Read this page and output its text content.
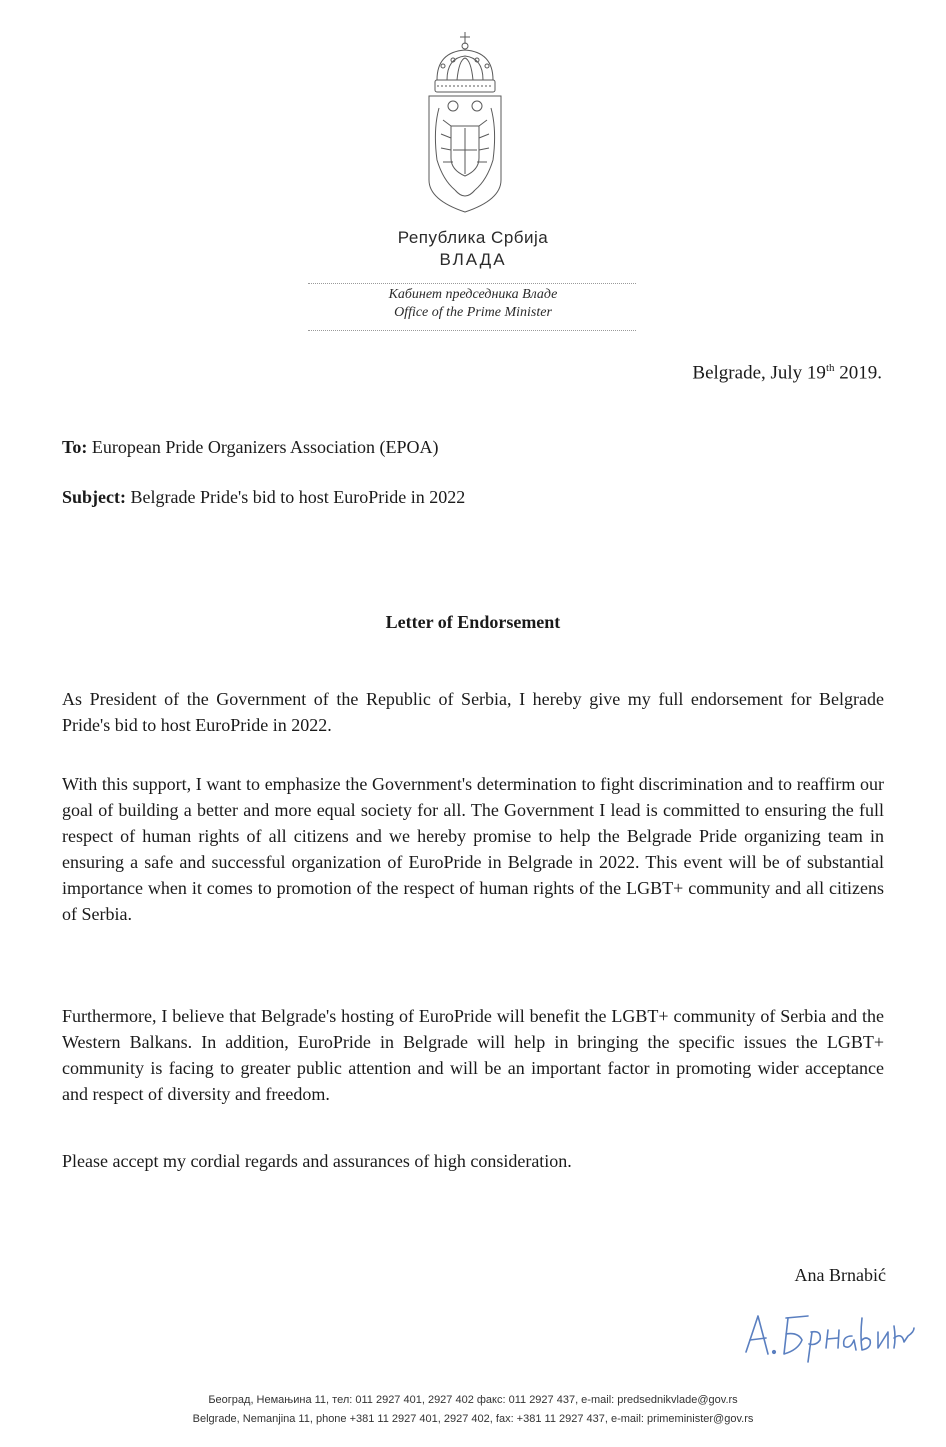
Република Србија
ВЛАДА
Кабинет председника Владе
Office of the Prime Minister
Belgrade, July 19th 2019.
To: European Pride Organizers Association (EPOA)
Subject: Belgrade Pride's bid to host EuroPride in 2022
Letter of Endorsement

As President of the Government of the Republic of Serbia, I hereby give my full endorsement for Belgrade Pride's bid to host EuroPride in 2022.

With this support, I want to emphasize the Government's determination to fight discrimination and to reaffirm our goal of building a better and more equal society for all. The Government I lead is committed to ensuring the full respect of human rights of all citizens and we hereby promise to help the Belgrade Pride organizing team in ensuring a safe and successful organization of EuroPride in Belgrade in 2022. This event will be of substantial importance when it comes to promotion of the respect of human rights of the LGBT+ community and all citizens of Serbia.

Furthermore, I believe that Belgrade's hosting of EuroPride will benefit the LGBT+ community of Serbia and the Western Balkans. In addition, EuroPride in Belgrade will help in bringing the specific issues the LGBT+ community is facing to greater public attention and will be an important factor in promoting wider acceptance and respect of diversity and freedom.

Please accept my cordial regards and assurances of high consideration.

Ana Brnabić
Београд, Немањина 11, тел: 011 2927 401, 2927 402 факс: 011 2927 437, e-mail: predsednikvlade@gov.rs
Belgrade, Nemanjina 11, phone +381 11 2927 401, 2927 402, fax: +381 11 2927 437, e-mail: primeminister@gov.rs
